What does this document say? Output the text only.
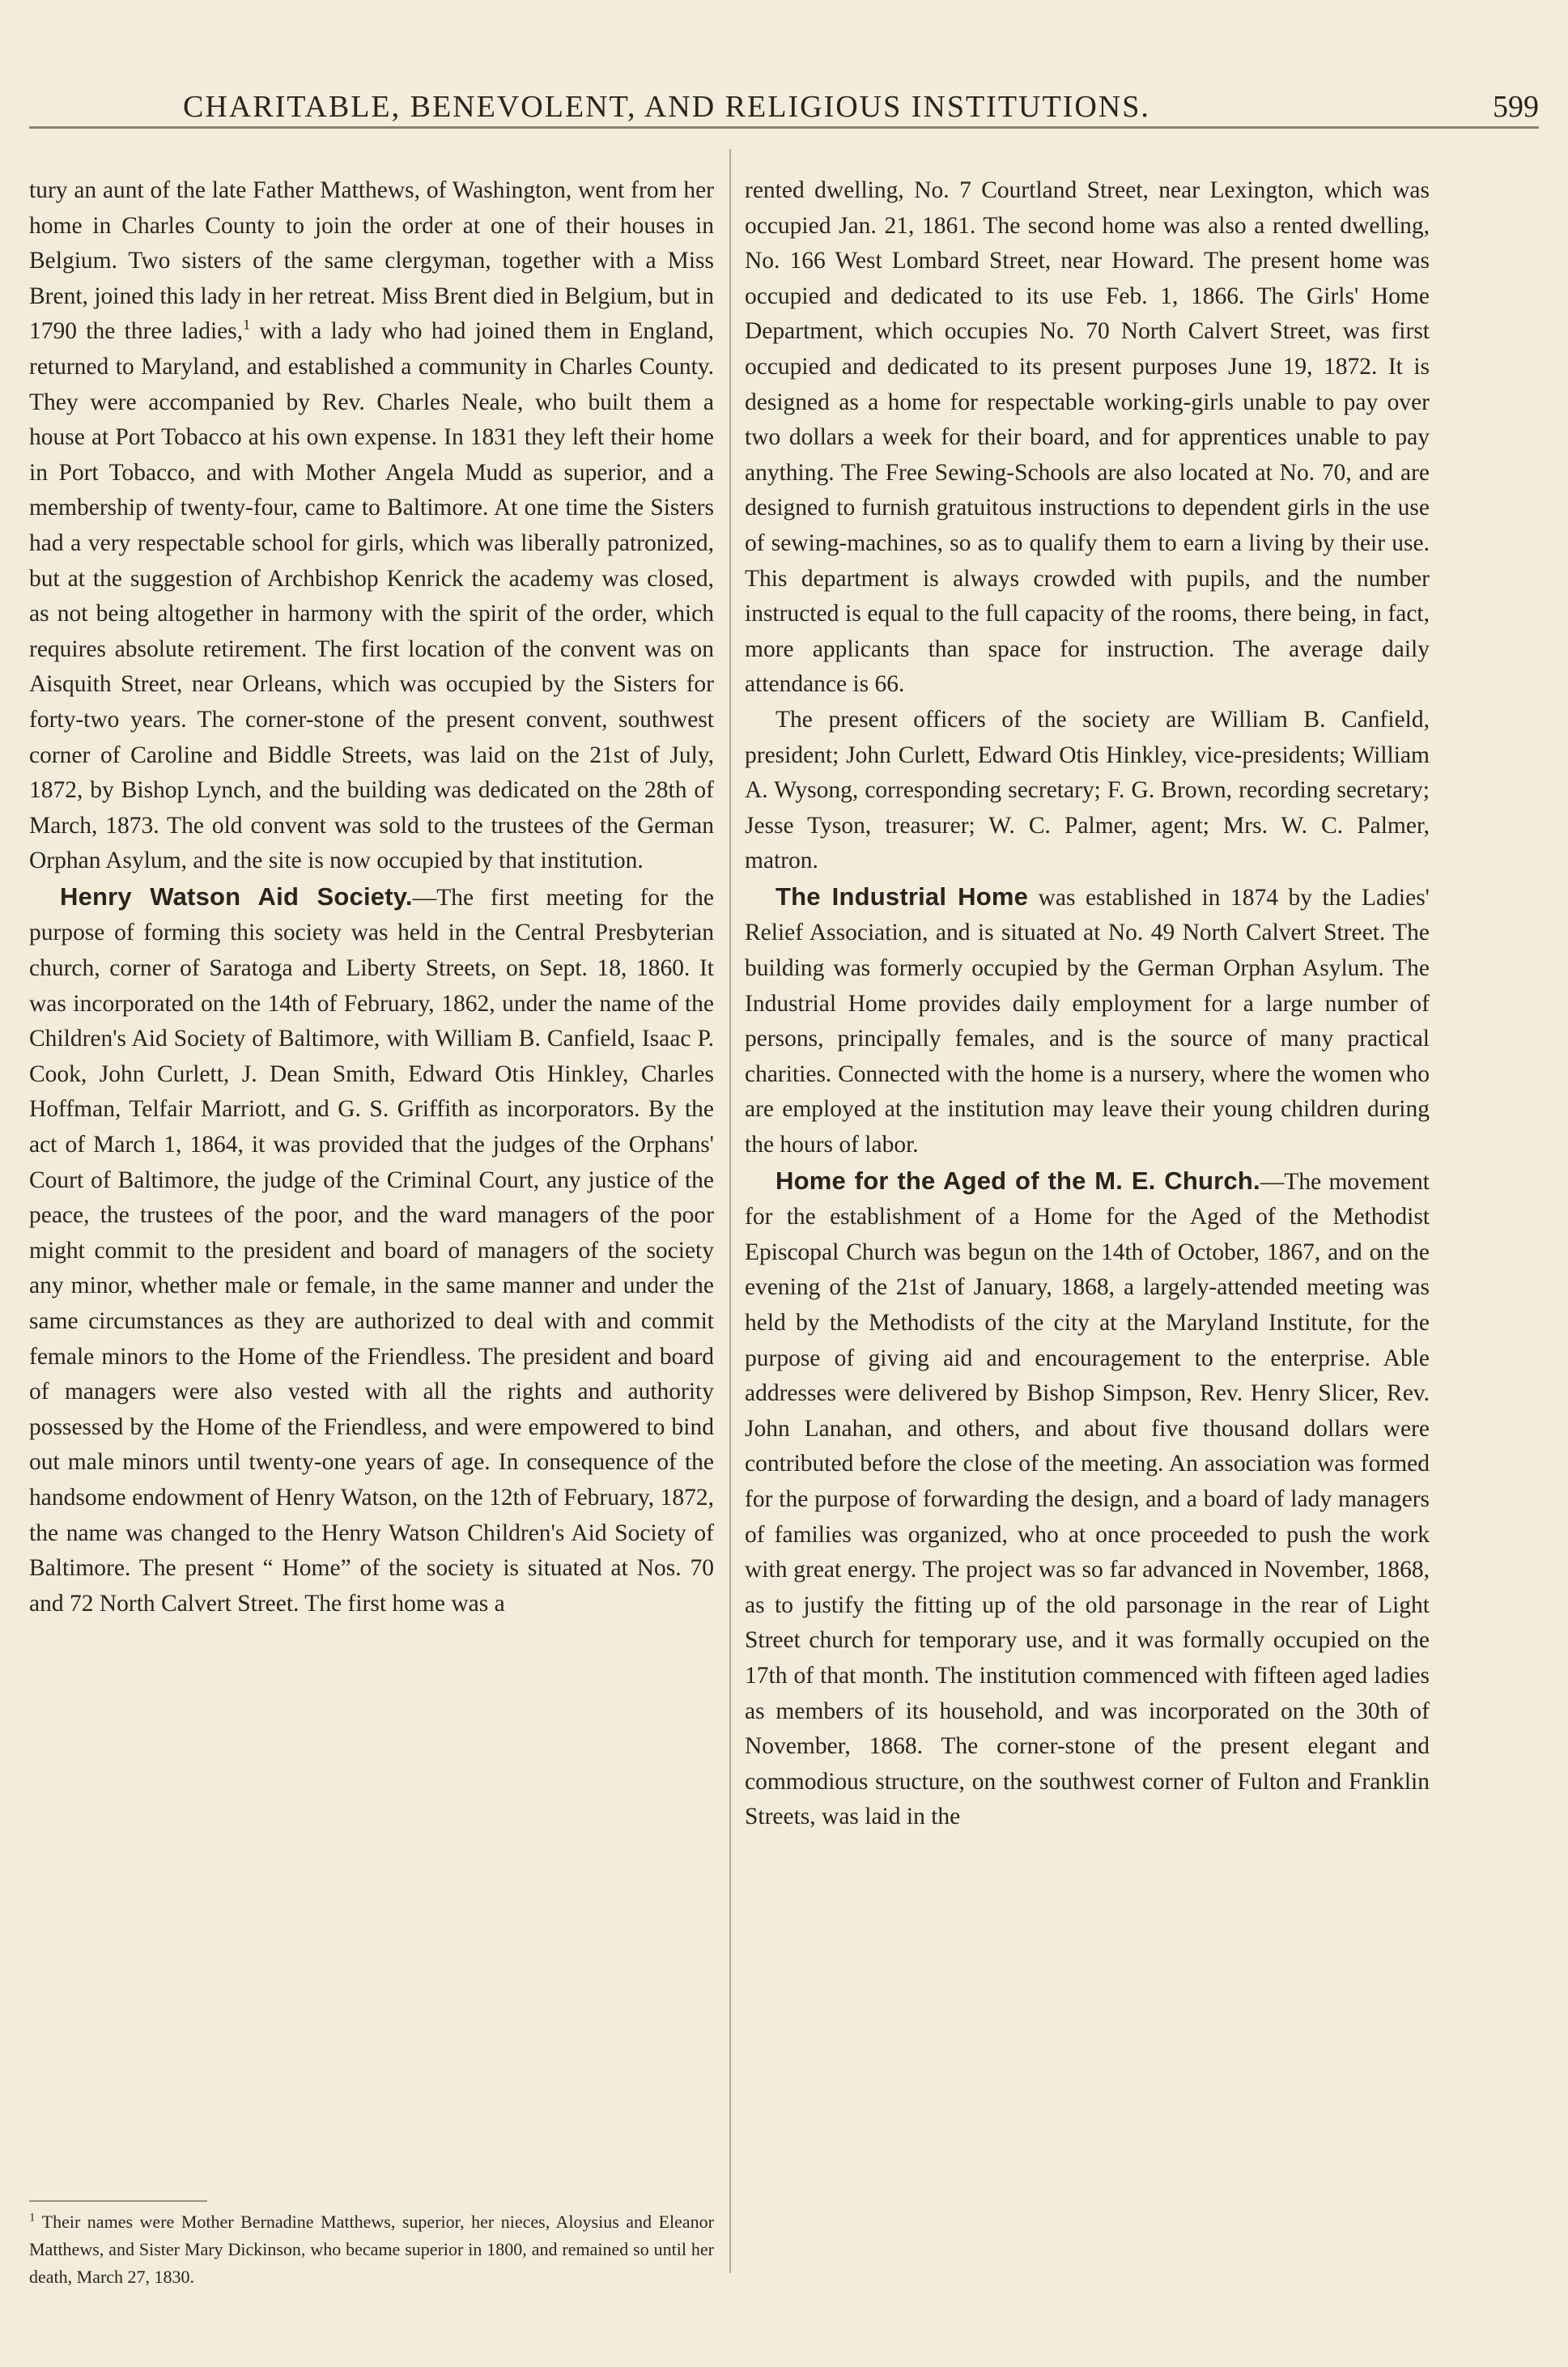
CHARITABLE, BENEVOLENT, AND RELIGIOUS INSTITUTIONS.	599

tury an aunt of the late Father Matthews, of Washington, went from her home in Charles County to join the order at one of their houses in Belgium. Two sisters of the same clergyman, together with a Miss Brent, joined this lady in her retreat. Miss Brent died in Belgium, but in 1790 the three ladies,$^1$ with a lady who had joined them in England, returned to Maryland, and established a community in Charles County. They were accompanied by Rev. Charles Neale, who built them a house at Port Tobacco at his own expense. In 1831 they left their home in Port Tobacco, and with Mother Angela Mudd as superior, and a membership of twenty-four, came to Baltimore. At one time the Sisters had a very respectable school for girls, which was liberally patronized, but at the suggestion of Archbishop Kenrick the academy was closed, as not being altogether in harmony with the spirit of the order, which requires absolute retirement. The first location of the convent was on Aisquith Street, near Orleans, which was occupied by the Sisters for forty-two years. The corner-stone of the present convent, southwest corner of Caroline and Biddle Streets, was laid on the 21st of July, 1872, by Bishop Lynch, and the building was dedicated on the 28th of March, 1873. The old convent was sold to the trustees of the German Orphan Asylum, and the site is now occupied by that institution.

Henry Watson Aid Society.—The first meeting for the purpose of forming this society was held in the Central Presbyterian church, corner of Saratoga and Liberty Streets, on Sept. 18, 1860. It was incorporated on the 14th of February, 1862, under the name of the Children's Aid Society of Baltimore, with William B. Canfield, Isaac P. Cook, John Curlett, J. Dean Smith, Edward Otis Hinkley, Charles Hoffman, Telfair Marriott, and G. S. Griffith as incorporators. By the act of March 1, 1864, it was provided that the judges of the Orphans' Court of Baltimore, the judge of the Criminal Court, any justice of the peace, the trustees of the poor, and the ward managers of the poor might commit to the president and board of managers of the society any minor, whether male or female, in the same manner and under the same circumstances as they are authorized to deal with and commit female minors to the Home of the Friendless. The president and board of managers were also vested with all the rights and authority possessed by the Home of the Friendless, and were empowered to bind out male minors until twenty-one years of age. In consequence of the handsome endowment of Henry Watson, on the 12th of February, 1872, the name was changed to the Henry Watson Children's Aid Society of Baltimore. The present “ Home” of the society is situated at Nos. 70 and 72 North Calvert Street. The first home was a

rented dwelling, No. 7 Courtland Street, near Lexington, which was occupied Jan. 21, 1861. The second home was also a rented dwelling, No. 166 West Lombard Street, near Howard. The present home was occupied and dedicated to its use Feb. 1, 1866. The Girls' Home Department, which occupies No. 70 North Calvert Street, was first occupied and dedicated to its present purposes June 19, 1872. It is designed as a home for respectable working-girls unable to pay over two dollars a week for their board, and for apprentices unable to pay anything. The Free Sewing-Schools are also located at No. 70, and are designed to furnish gratuitous instructions to dependent girls in the use of sewing-machines, so as to qualify them to earn a living by their use. This department is always crowded with pupils, and the number instructed is equal to the full capacity of the rooms, there being, in fact, more applicants than space for instruction. The average daily attendance is 66.

The present officers of the society are William B. Canfield, president; John Curlett, Edward Otis Hinkley, vice-presidents; William A. Wysong, corresponding secretary; F. G. Brown, recording secretary; Jesse Tyson, treasurer; W. C. Palmer, agent; Mrs. W. C. Palmer, matron.

The Industrial Home was established in 1874 by the Ladies' Relief Association, and is situated at No. 49 North Calvert Street. The building was formerly occupied by the German Orphan Asylum. The Industrial Home provides daily employment for a large number of persons, principally females, and is the source of many practical charities. Connected with the home is a nursery, where the women who are employed at the institution may leave their young children during the hours of labor.

Home for the Aged of the M. E. Church.—The movement for the establishment of a Home for the Aged of the Methodist Episcopal Church was begun on the 14th of October, 1867, and on the evening of the 21st of January, 1868, a largely-attended meeting was held by the Methodists of the city at the Maryland Institute, for the purpose of giving aid and encouragement to the enterprise. Able addresses were delivered by Bishop Simpson, Rev. Henry Slicer, Rev. John Lanahan, and others, and about five thousand dollars were contributed before the close of the meeting. An association was formed for the purpose of forwarding the design, and a board of lady managers of families was organized, who at once proceeded to push the work with great energy. The project was so far advanced in November, 1868, as to justify the fitting up of the old parsonage in the rear of Light Street church for temporary use, and it was formally occupied on the 17th of that month. The institution commenced with fifteen aged ladies as members of its household, and was incorporated on the 30th of November, 1868. The corner-stone of the present elegant and commodious structure, on the southwest corner of Fulton and Franklin Streets, was laid in the

$^1$ Their names were Mother Bernadine Matthews, superior, her nieces, Aloysius and Eleanor Matthews, and Sister Mary Dickinson, who became superior in 1800, and remained so until her death, March 27, 1830.
